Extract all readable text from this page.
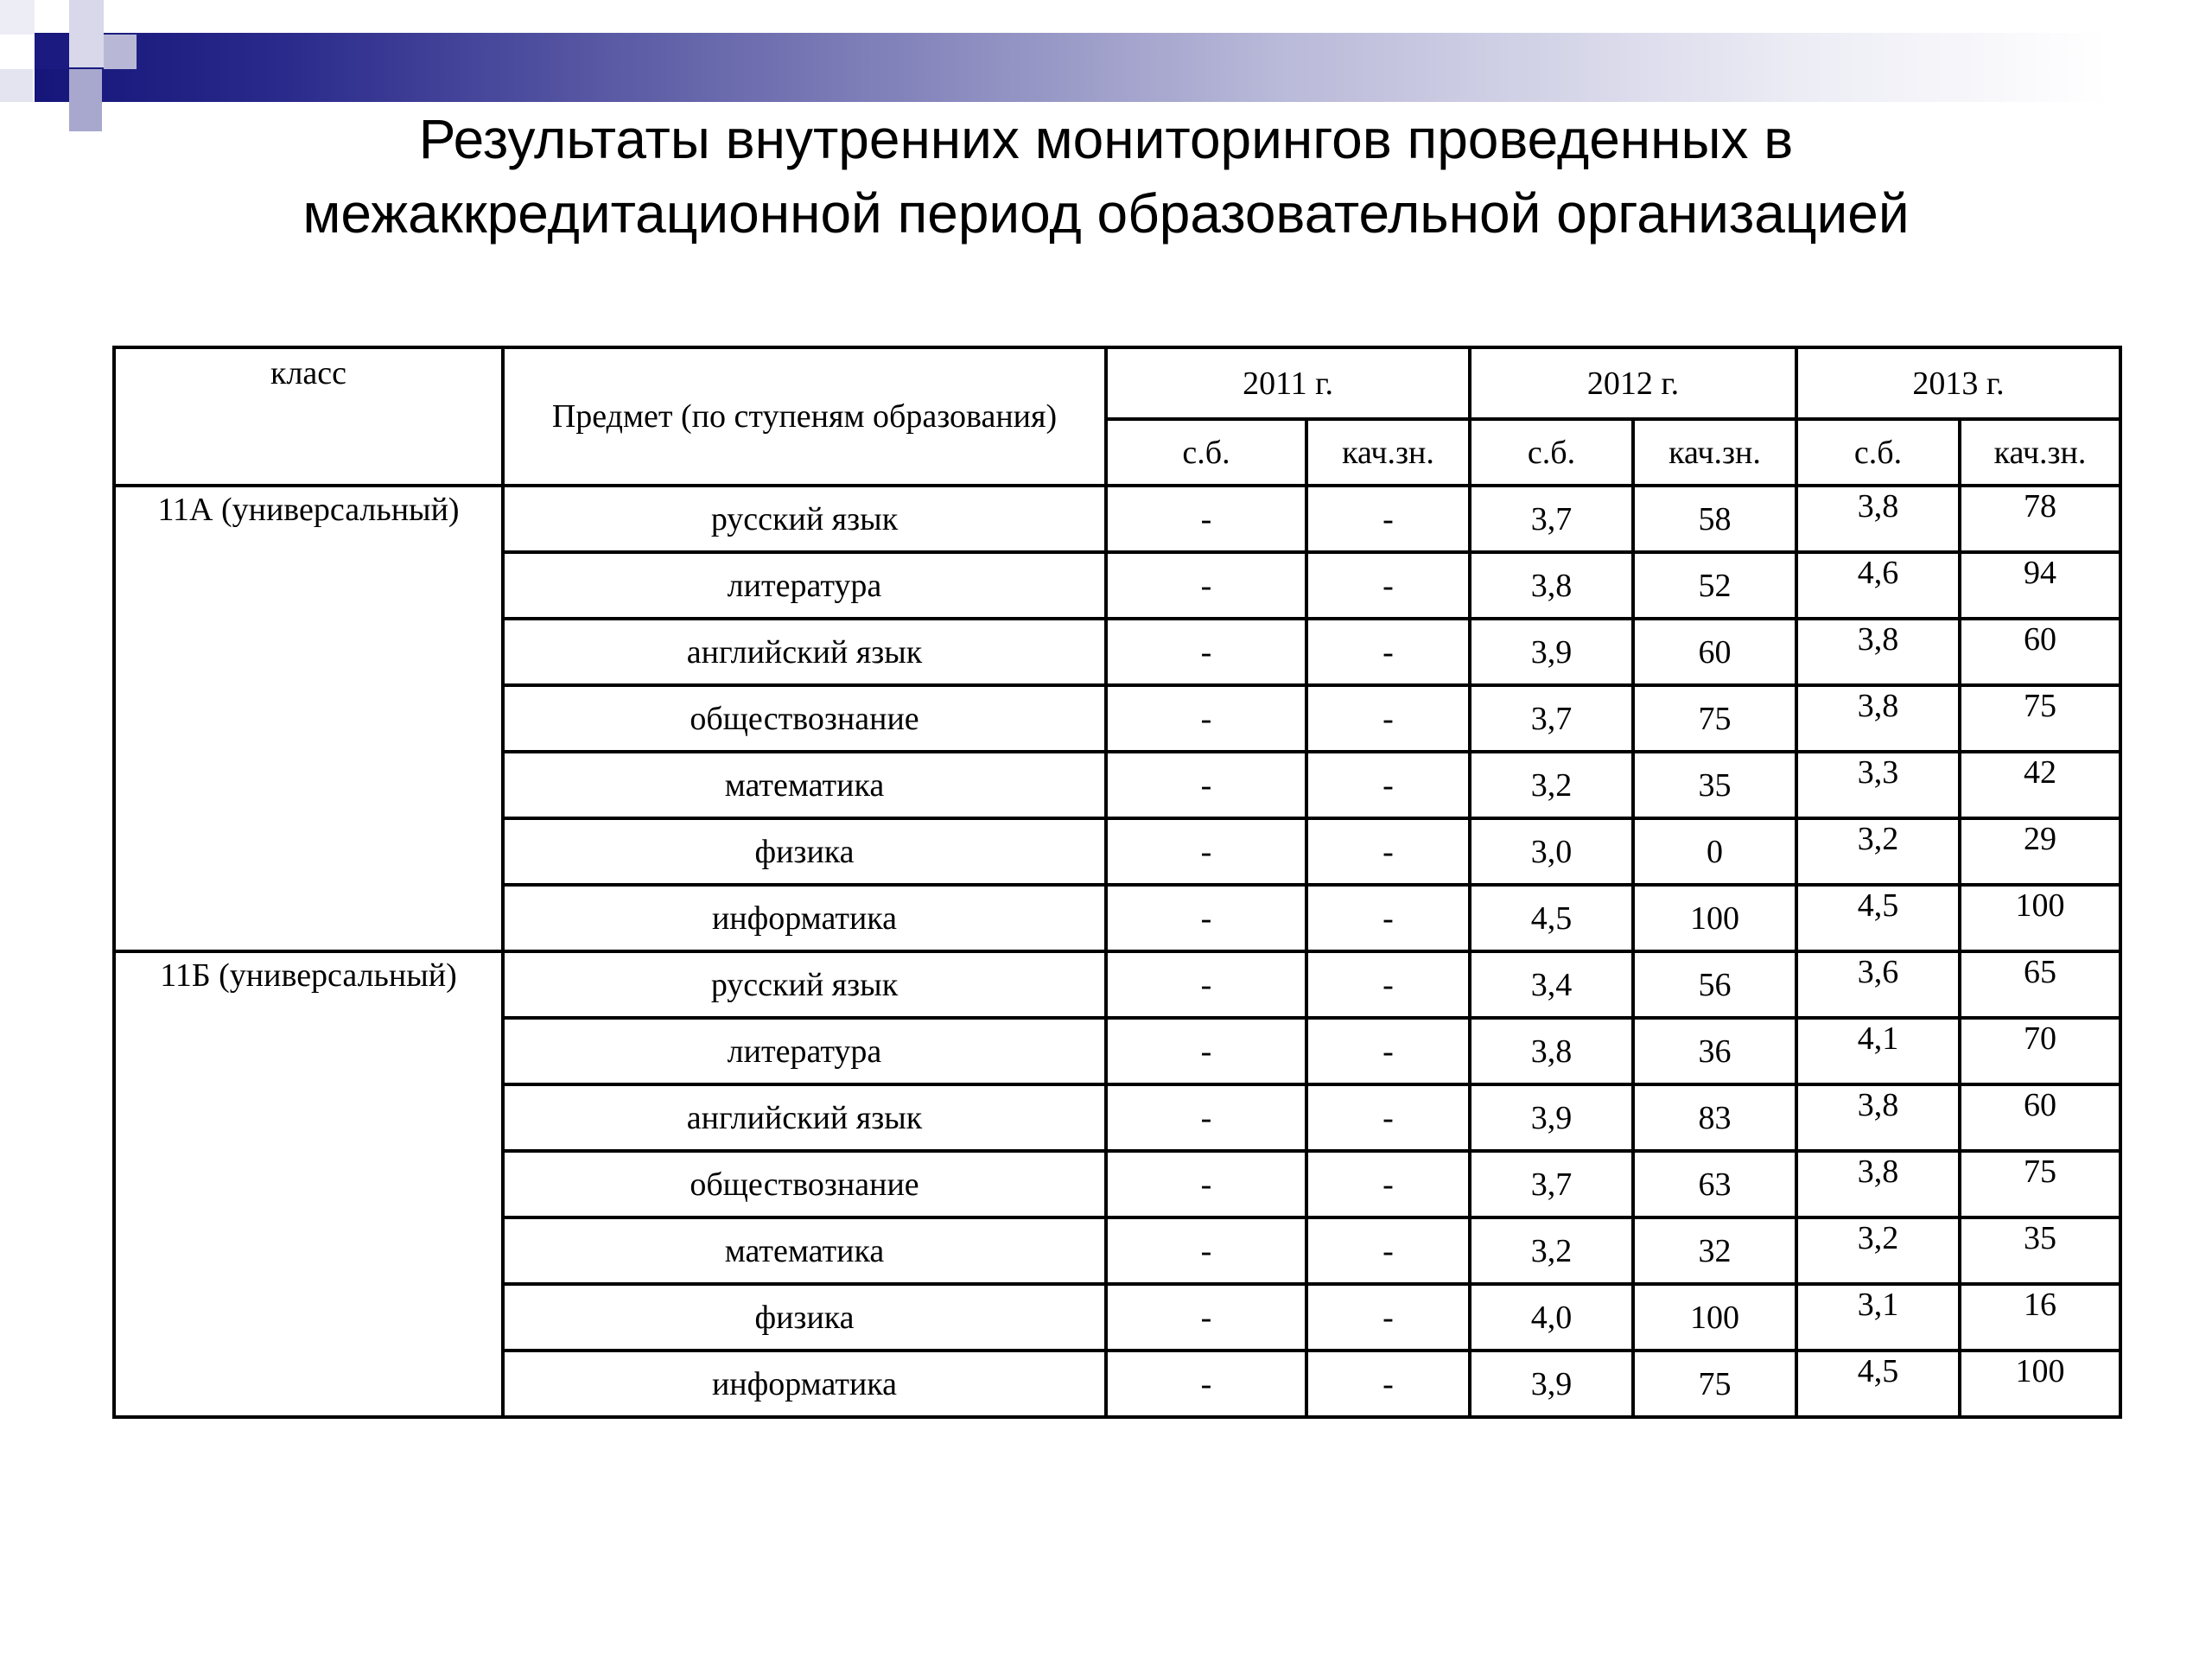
Результаты внутренних мониторингов проведенных в
межаккредитационной период образовательной организацией
класс	Предмет (по ступеням образования)	2011 г.		2012 г.		2013 г.	
		с.б.	кач.зн.	с.б.	кач.зн.	с.б.	кач.зн.
11А (универсальный)	русский язык	-	-	3,7	58	3,8	78
	литература	-	-	3,8	52	4,6	94
	английский язык	-	-	3,9	60	3,8	60
	обществознание	-	-	3,7	75	3,8	75
	математика	-	-	3,2	35	3,3	42
	физика	-	-	3,0	0	3,2	29
	информатика	-	-	4,5	100	4,5	100
11Б (универсальный)	русский язык	-	-	3,4	56	3,6	65
	литература	-	-	3,8	36	4,1	70
	английский язык	-	-	3,9	83	3,8	60
	обществознание	-	-	3,7	63	3,8	75
	математика	-	-	3,2	32	3,2	35
	физика	-	-	4,0	100	3,1	16
	информатика	-	-	3,9	75	4,5	100
